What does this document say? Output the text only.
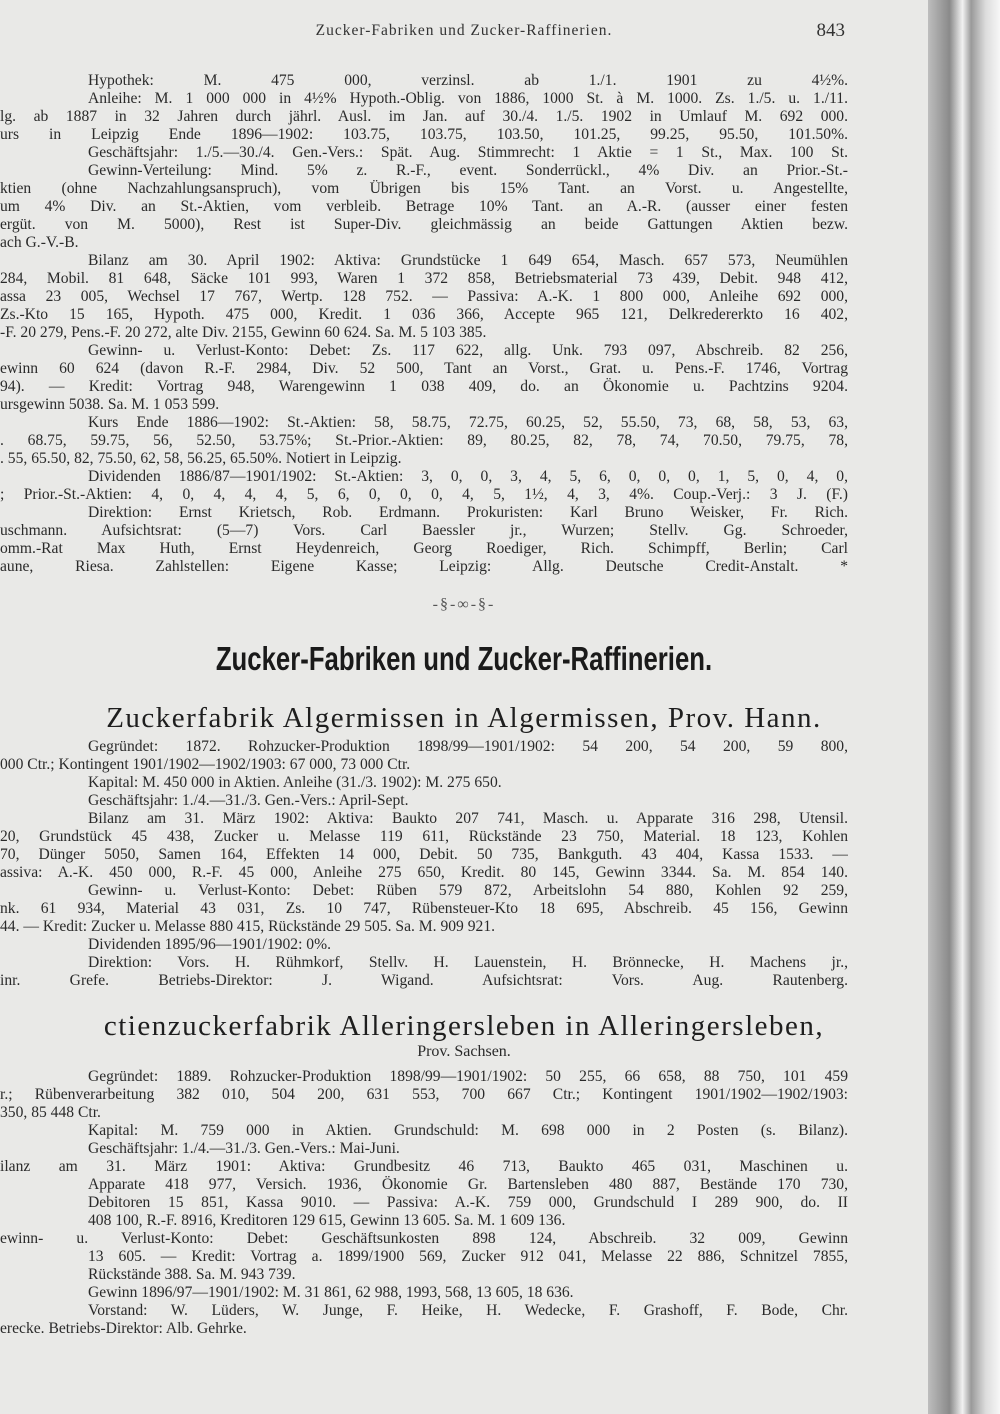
Zucker-Fabriken und Zucker-Raffinerien.	843
Hypothek: M. 475 000, verzinsl. ab 1./1. 1901 zu 4½%.
Anleihe: M. 1 000 000 in 4½% Hypoth.-Oblig. von 1886, 1000 St. à M. 1000. Zs. 1./5. u. 1./11.
lg. ab 1887 in 32 Jahren durch jährl. Ausl. im Jan. auf 30./4. 1./5. 1902 in Umlauf M. 692 000.
urs in Leipzig Ende 1896—1902: 103.75, 103.75, 103.50, 101.25, 99.25, 95.50, 101.50%.
Geschäftsjahr: 1./5.—30./4. Gen.-Vers.: Spät. Aug. Stimmrecht: 1 Aktie = 1 St., Max. 100 St.
Gewinn-Verteilung: Mind. 5% z. R.-F., event. Sonderrückl., 4% Div. an Prior.-St.-
ktien (ohne Nachzahlungsanspruch), vom Übrigen bis 15% Tant. an Vorst. u. Angestellte,
um 4% Div. an St.-Aktien, vom verbleib. Betrage 10% Tant. an A.-R. (ausser einer festen
ergüt. von M. 5000), Rest ist Super-Div. gleichmässig an beide Gattungen Aktien bezw.
ach G.-V.-B.
Bilanz am 30. April 1902: Aktiva: Grundstücke 1 649 654, Masch. 657 573, Neumühlen
284, Mobil. 81 648, Säcke 101 993, Waren 1 372 858, Betriebsmaterial 73 439, Debit. 948 412,
assa 23 005, Wechsel 17 767, Wertp. 128 752. — Passiva: A.-K. 1 800 000, Anleihe 692 000,
Zs.-Kto 15 165, Hypoth. 475 000, Kredit. 1 036 366, Accepte 965 121, Delkredererkto 16 402,
-F. 20 279, Pens.-F. 20 272, alte Div. 2155, Gewinn 60 624. Sa. M. 5 103 385.
Gewinn- u. Verlust-Konto: Debet: Zs. 117 622, allg. Unk. 793 097, Abschreib. 82 256,
ewinn 60 624 (davon R.-F. 2984, Div. 52 500, Tant an Vorst., Grat. u. Pens.-F. 1746, Vortrag
94). — Kredit: Vortrag 948, Warengewinn 1 038 409, do. an Ökonomie u. Pachtzins 9204.
ursgewinn 5038. Sa. M. 1 053 599.
Kurs Ende 1886—1902: St.-Aktien: 58, 58.75, 72.75, 60.25, 52, 55.50, 73, 68, 58, 53, 63,
. 68.75, 59.75, 56, 52.50, 53.75%; St.-Prior.-Aktien: 89, 80.25, 82, 78, 74, 70.50, 79.75, 78,
. 55, 65.50, 82, 75.50, 62, 58, 56.25, 65.50%. Notiert in Leipzig.
Dividenden 1886/87—1901/1902: St.-Aktien: 3, 0, 0, 3, 4, 5, 6, 0, 0, 0, 1, 5, 0, 4, 0,
; Prior.-St.-Aktien: 4, 0, 4, 4, 4, 5, 6, 0, 0, 0, 4, 5, 1½, 4, 3, 4%. Coup.-Verj.: 3 J. (F.)
Direktion: Ernst Krietsch, Rob. Erdmann. Prokuristen: Karl Bruno Weisker, Fr. Rich.
uschmann. Aufsichtsrat: (5—7) Vors. Carl Baessler jr., Wurzen; Stellv. Gg. Schroeder,
omm.-Rat Max Huth, Ernst Heydenreich, Georg Roediger, Rich. Schimpff, Berlin; Carl
aune, Riesa. Zahlstellen: Eigene Kasse; Leipzig: Allg. Deutsche Credit-Anstalt. *
-§-∞-§-
Zucker-Fabriken und Zucker-Raffinerien.
Zuckerfabrik Algermissen in Algermissen, Prov. Hann.
Gegründet: 1872. Rohzucker-Produktion 1898/99—1901/1902: 54 200, 54 200, 59 800,
000 Ctr.; Kontingent 1901/1902—1902/1903: 67 000, 73 000 Ctr.
Kapital: M. 450 000 in Aktien. Anleihe (31./3. 1902): M. 275 650.
Geschäftsjahr: 1./4.—31./3. Gen.-Vers.: April-Sept.
Bilanz am 31. März 1902: Aktiva: Baukto 207 741, Masch. u. Apparate 316 298, Utensil.
20, Grundstück 45 438, Zucker u. Melasse 119 611, Rückstände 23 750, Material. 18 123, Kohlen
70, Dünger 5050, Samen 164, Effekten 14 000, Debit. 50 735, Bankguth. 43 404, Kassa 1533. —
assiva: A.-K. 450 000, R.-F. 45 000, Anleihe 275 650, Kredit. 80 145, Gewinn 3344. Sa. M. 854 140.
Gewinn- u. Verlust-Konto: Debet: Rüben 579 872, Arbeitslohn 54 880, Kohlen 92 259,
nk. 61 934, Material 43 031, Zs. 10 747, Rübensteuer-Kto 18 695, Abschreib. 45 156, Gewinn
44. — Kredit: Zucker u. Melasse 880 415, Rückstände 29 505. Sa. M. 909 921.
Dividenden 1895/96—1901/1902: 0%.
Direktion: Vors. H. Rühmkorf, Stellv. H. Lauenstein, H. Brönnecke, H. Machens jr.,
inr. Grefe. Betriebs-Direktor: J. Wigand. Aufsichtsrat: Vors. Aug. Rautenberg.
ctienzuckerfabrik Alleringersleben in Alleringersleben,
Prov. Sachsen.
Gegründet: 1889. Rohzucker-Produktion 1898/99—1901/1902: 50 255, 66 658, 88 750, 101 459
r.; Rübenverarbeitung 382 010, 504 200, 631 553, 700 667 Ctr.; Kontingent 1901/1902—1902/1903:
350, 85 448 Ctr.
Kapital: M. 759 000 in Aktien. Grundschuld: M. 698 000 in 2 Posten (s. Bilanz).
Geschäftsjahr: 1./4.—31./3. Gen.-Vers.: Mai-Juni.
ilanz am 31. März 1901: Aktiva: Grundbesitz 46 713, Baukto 465 031, Maschinen u.
Apparate 418 977, Versich. 1936, Ökonomie Gr. Bartensleben 480 887, Bestände 170 730,
Debitoren 15 851, Kassa 9010. — Passiva: A.-K. 759 000, Grundschuld I 289 900, do. II
408 100, R.-F. 8916, Kreditoren 129 615, Gewinn 13 605. Sa. M. 1 609 136.
ewinn- u. Verlust-Konto: Debet: Geschäftsunkosten 898 124, Abschreib. 32 009, Gewinn
13 605. — Kredit: Vortrag a. 1899/1900 569, Zucker 912 041, Melasse 22 886, Schnitzel 7855,
Rückstände 388. Sa. M. 943 739.
Gewinn 1896/97—1901/1902: M. 31 861, 62 988, 1993, 568, 13 605, 18 636.
Vorstand: W. Lüders, W. Junge, F. Heike, H. Wedecke, F. Grashoff, F. Bode, Chr.
erecke. Betriebs-Direktor: Alb. Gehrke.
